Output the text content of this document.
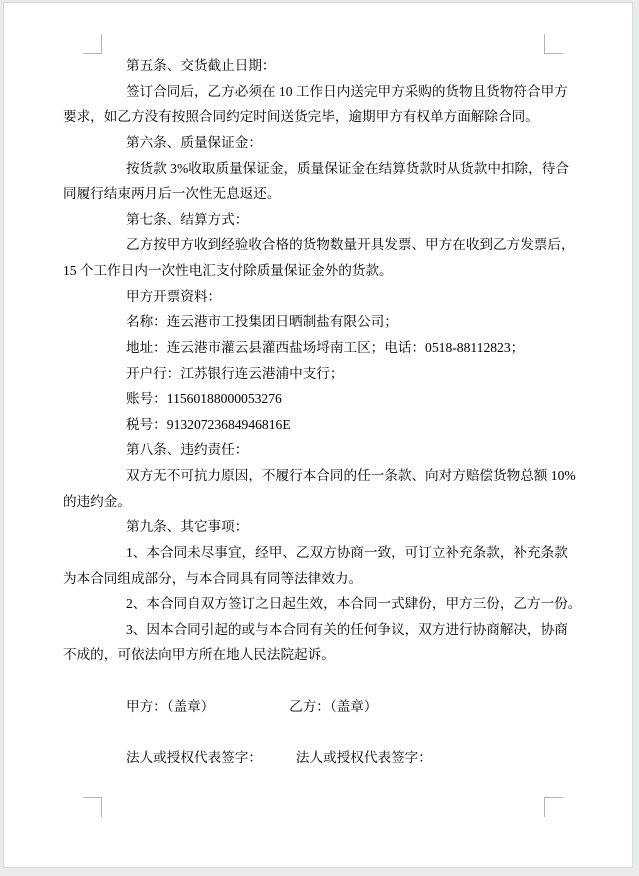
第五条、交货截止日期：
签订合同后，乙方必须在 10 工作日内送完甲方采购的货物且货物符合甲方
要求，如乙方没有按照合同约定时间送货完毕，逾期甲方有权单方面解除合同。
第六条、质量保证金：
按货款 3%收取质量保证金，质量保证金在结算货款时从货款中扣除，待合
同履行结束两月后一次性无息返还。
第七条、结算方式：
乙方按甲方收到经验收合格的货物数量开具发票、甲方在收到乙方发票后，
15 个工作日内一次性电汇支付除质量保证金外的货款。
甲方开票资料：
名称：连云港市工投集团日晒制盐有限公司；
地址：连云港市灌云县灌西盐场埒南工区；电话：0518-88112823；
开户行：江苏银行连云港浦中支行；
账号：11560188000053276
税号：91320723684946816E
第八条、违约责任：
双方无不可抗力原因，不履行本合同的任一条款、向对方赔偿货物总额 10%
的违约金。
第九条、其它事项：
1、本合同未尽事宜，经甲、乙双方协商一致，可订立补充条款，补充条款
为本合同组成部分，与本合同具有同等法律效力。
2、本合同自双方签订之日起生效，本合同一式肆份，甲方三份，乙方一份。
3、因本合同引起的或与本合同有关的任何争议，双方进行协商解决，协商
不成的，可依法向甲方所在地人民法院起诉。
甲方：（盖章）　　　　　　乙方：（盖章）
法人或授权代表签字：　　　法人或授权代表签字：
